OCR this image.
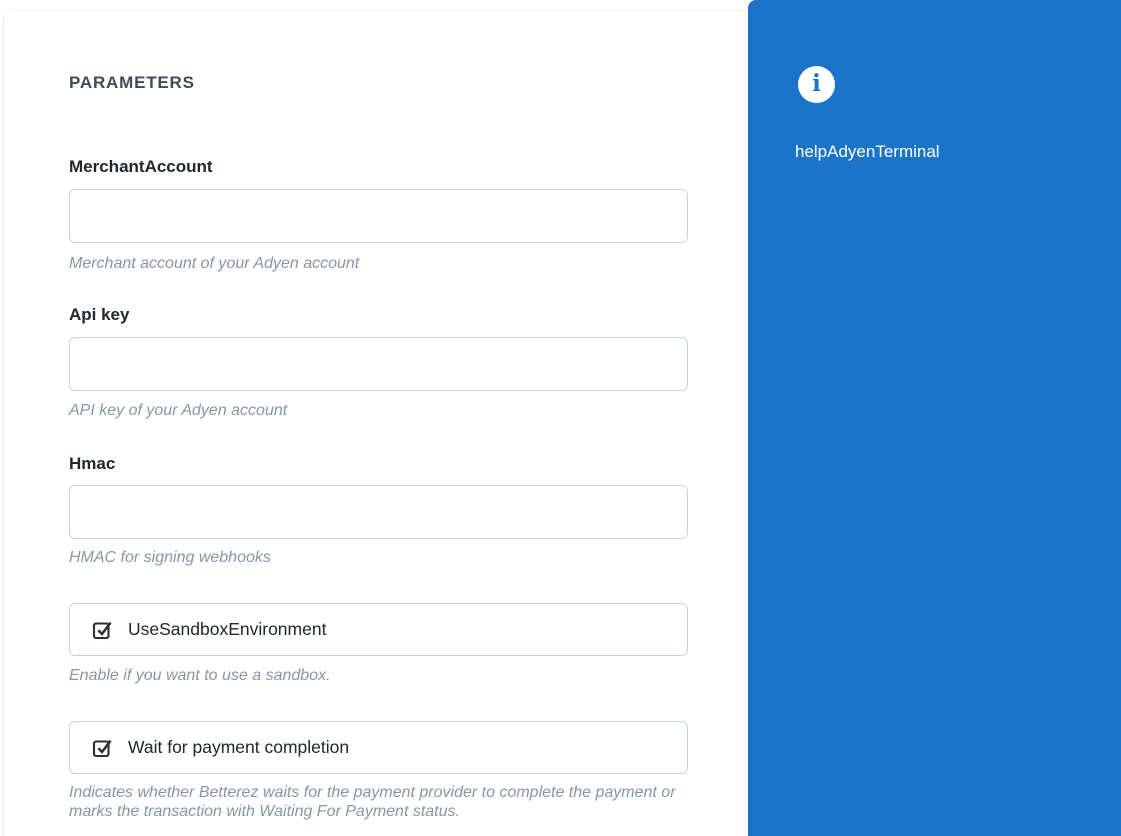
PARAMETERS
MerchantAccount
Merchant account of your Adyen account
Api key
API key of your Adyen account
Hmac
HMAC for signing webhooks
UseSandboxEnvironment
Enable if you want to use a sandbox.
Wait for payment completion
Indicates whether Betterez waits for the payment provider to complete the payment or marks the transaction with Waiting For Payment status.
i
helpAdyenTerminal
